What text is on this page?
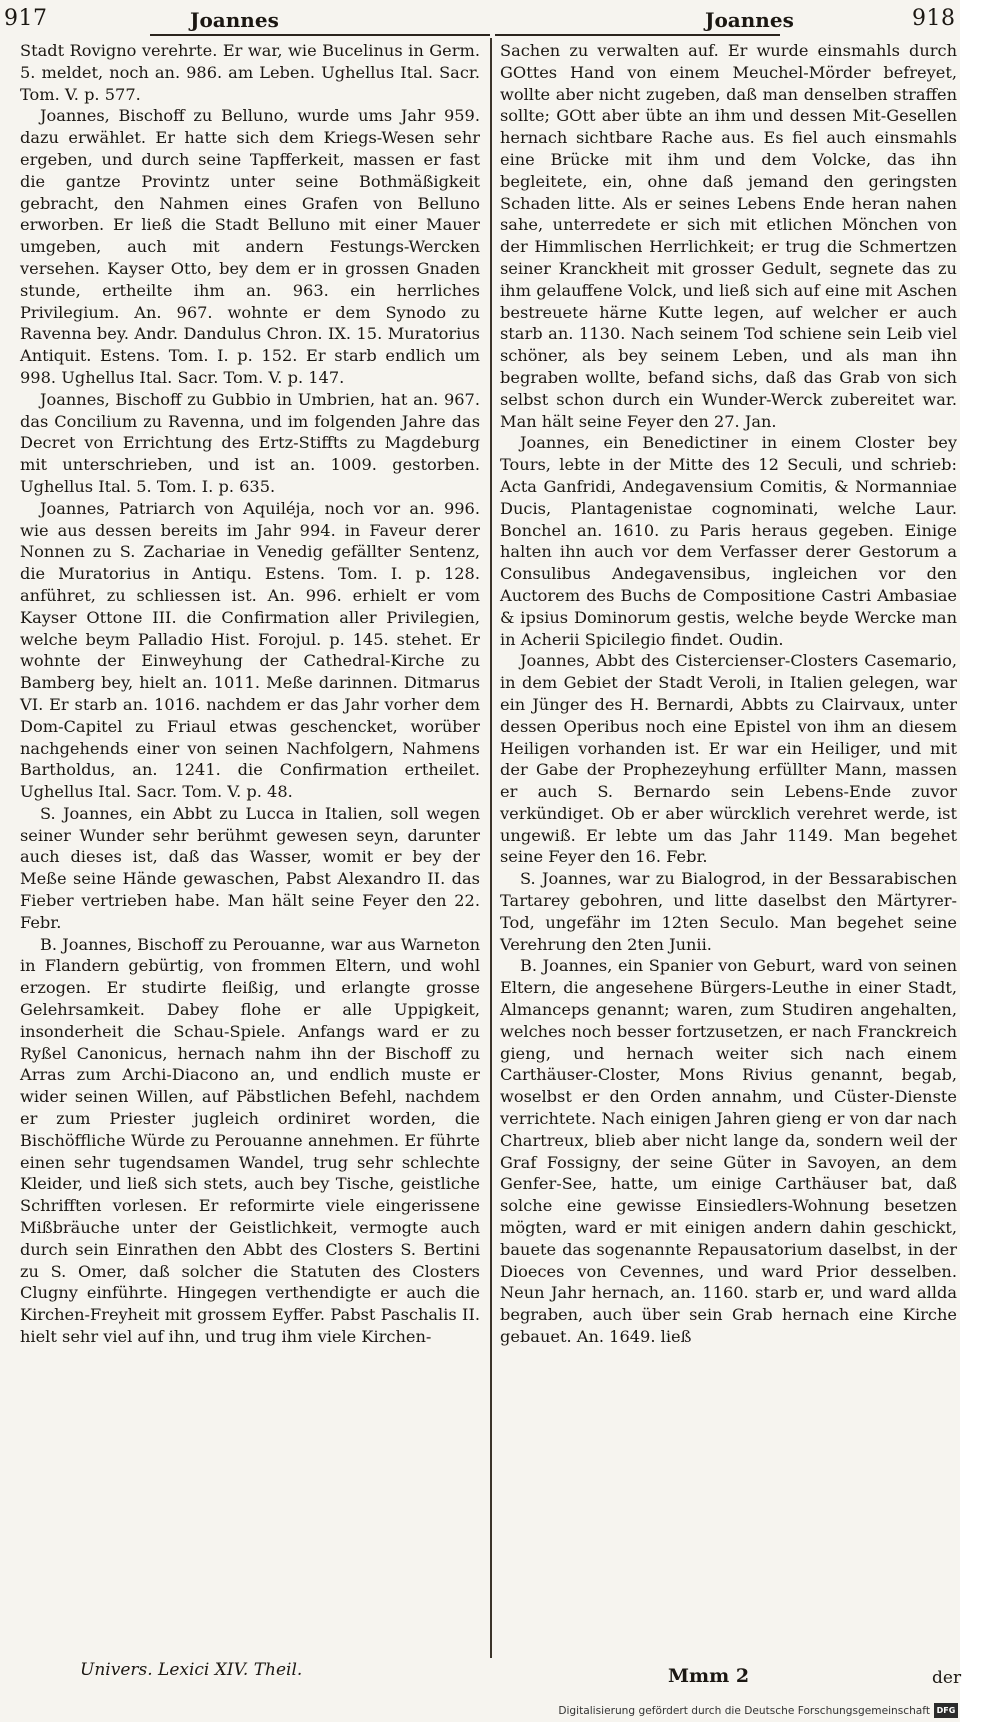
917	Joannes	Joannes	918

Stadt Rovigno verehrte. Er war, wie Bucelinus in Germ. 5. meldet, noch an. 986. am Leben. Ughellus Ital. Sacr. Tom. V. p. 577.

Joannes, Bischoff zu Belluno, wurde ums Jahr 959. dazu erwählet. Er hatte sich dem Kriegs-Wesen sehr ergeben, und durch seine Tapfferkeit, massen er fast die gantze Provintz unter seine Bothmäßigkeit gebracht, den Nahmen eines Grafen von Belluno erworben. Er ließ die Stadt Belluno mit einer Mauer umgeben, auch mit andern Festungs-Wercken versehen. Kayser Otto, bey dem er in grossen Gnaden stunde, ertheilte ihm an. 963. ein herrliches Privilegium. An. 967. wohnte er dem Synodo zu Ravenna bey. Andr. Dandulus Chron. IX. 15. Muratorius Antiquit. Estens. Tom. I. p. 152. Er starb endlich um 998. Ughellus Ital. Sacr. Tom. V. p. 147.

Joannes, Bischoff zu Gubbio in Umbrien, hat an. 967. das Concilium zu Ravenna, und im folgenden Jahre das Decret von Errichtung des Ertz-Stiffts zu Magdeburg mit unterschrieben, und ist an. 1009. gestorben. Ughellus Ital. 5. Tom. I. p. 635.

Joannes, Patriarch von Aquiléja, noch vor an. 996. wie aus dessen bereits im Jahr 994. in Faveur derer Nonnen zu S. Zachariae in Venedig gefällter Sentenz, die Muratorius in Antiqu. Estens. Tom. I. p. 128. anführet, zu schliessen ist. An. 996. erhielt er vom Kayser Ottone III. die Confirmation aller Privilegien, welche beym Palladio Hist. Forojul. p. 145. stehet. Er wohnte der Einweyhung der Cathedral-Kirche zu Bamberg bey, hielt an. 1011. Meße darinnen. Ditmarus VI. Er starb an. 1016. nachdem er das Jahr vorher dem Dom-Capitel zu Friaul etwas geschencket, worüber nachgehends einer von seinen Nachfolgern, Nahmens Bartholdus, an. 1241. die Confirmation ertheilet. Ughellus Ital. Sacr. Tom. V. p. 48.

S. Joannes, ein Abbt zu Lucca in Italien, soll wegen seiner Wunder sehr berühmt gewesen seyn, darunter auch dieses ist, daß das Wasser, womit er bey der Meße seine Hände gewaschen, Pabst Alexandro II. das Fieber vertrieben habe. Man hält seine Feyer den 22. Febr.

B. Joannes, Bischoff zu Perouanne, war aus Warneton in Flandern gebürtig, von frommen Eltern, und wohl erzogen. Er studirte fleißig, und erlangte grosse Gelehrsamkeit. Dabey flohe er alle Uppigkeit, insonderheit die Schau-Spiele. Anfangs ward er zu Ryßel Canonicus, hernach nahm ihn der Bischoff zu Arras zum Archi-Diacono an, und endlich muste er wider seinen Willen, auf Päbstlichen Befehl, nachdem er zum Priester jugleich ordiniret worden, die Bischöffliche Würde zu Perouanne annehmen. Er führte einen sehr tugendsamen Wandel, trug sehr schlechte Kleider, und ließ sich stets, auch bey Tische, geistliche Schrifften vorlesen. Er reformirte viele eingerissene Mißbräuche unter der Geistlichkeit, vermogte auch durch sein Einrathen den Abbt des Closters S. Bertini zu S. Omer, daß solcher die Statuten des Closters Clugny einführte. Hingegen verthendigte er auch die Kirchen-Freyheit mit grossem Eyffer. Pabst Paschalis II. hielt sehr viel auf ihn, und trug ihm viele Kirchen-

Sachen zu verwalten auf. Er wurde einsmahls durch GOttes Hand von einem Meuchel-Mörder befreyet, wollte aber nicht zugeben, daß man denselben straffen sollte; GOtt aber übte an ihm und dessen Mit-Gesellen hernach sichtbare Rache aus. Es fiel auch einsmahls eine Brücke mit ihm und dem Volcke, das ihn begleitete, ein, ohne daß jemand den geringsten Schaden litte. Als er seines Lebens Ende heran nahen sahe, unterredete er sich mit etlichen Mönchen von der Himmlischen Herrlichkeit; er trug die Schmertzen seiner Kranckheit mit grosser Gedult, segnete das zu ihm gelauffene Volck, und ließ sich auf eine mit Aschen bestreuete härne Kutte legen, auf welcher er auch starb an. 1130. Nach seinem Tod schiene sein Leib viel schöner, als bey seinem Leben, und als man ihn begraben wollte, befand sichs, daß das Grab von sich selbst schon durch ein Wunder-Werck zubereitet war. Man hält seine Feyer den 27. Jan.

Joannes, ein Benedictiner in einem Closter bey Tours, lebte in der Mitte des 12 Seculi, und schrieb: Acta Ganfridi, Andegavensium Comitis, & Normanniae Ducis, Plantagenistae cognominati, welche Laur. Bonchel an. 1610. zu Paris heraus gegeben. Einige halten ihn auch vor dem Verfasser derer Gestorum a Consulibus Andegavensibus, ingleichen vor den Auctorem des Buchs de Compositione Castri Ambasiae & ipsius Dominorum gestis, welche beyde Wercke man in Acherii Spicilegio findet. Oudin.

Joannes, Abbt des Cistercienser-Closters Casemario, in dem Gebiet der Stadt Veroli, in Italien gelegen, war ein Jünger des H. Bernardi, Abbts zu Clairvaux, unter dessen Operibus noch eine Epistel von ihm an diesem Heiligen vorhanden ist. Er war ein Heiliger, und mit der Gabe der Prophezeyhung erfüllter Mann, massen er auch S. Bernardo sein Lebens-Ende zuvor verkündiget. Ob er aber würcklich verehret werde, ist ungewiß. Er lebte um das Jahr 1149. Man begehet seine Feyer den 16. Febr.

S. Joannes, war zu Bialogrod, in der Bessarabischen Tartarey gebohren, und litte daselbst den Märtyrer-Tod, ungefähr im 12ten Seculo. Man begehet seine Verehrung den 2ten Junii.

B. Joannes, ein Spanier von Geburt, ward von seinen Eltern, die angesehene Bürgers-Leuthe in einer Stadt, Almanceps genannt; waren, zum Studiren angehalten, welches noch besser fortzusetzen, er nach Franckreich gieng, und hernach weiter sich nach einem Carthäuser-Closter, Mons Rivius genannt, begab, woselbst er den Orden annahm, und Cüster-Dienste verrichtete. Nach einigen Jahren gieng er von dar nach Chartreux, blieb aber nicht lange da, sondern weil der Graf Fossigny, der seine Güter in Savoyen, an dem Genfer-See, hatte, um einige Carthäuser bat, daß solche eine gewisse Einsiedlers-Wohnung besetzen mögten, ward er mit einigen andern dahin geschickt, bauete das sogenannte Repausatorium daselbst, in der Dioeces von Cevennes, und ward Prior desselben. Neun Jahr hernach, an. 1160. starb er, und ward allda begraben, auch über sein Grab hernach eine Kirche gebauet. An. 1649. ließ

Univers. Lexici XIV. Theil.	Mmm 2	der
Digitalisierung gefördert durch die Deutsche Forschungsgemeinschaft DFG
